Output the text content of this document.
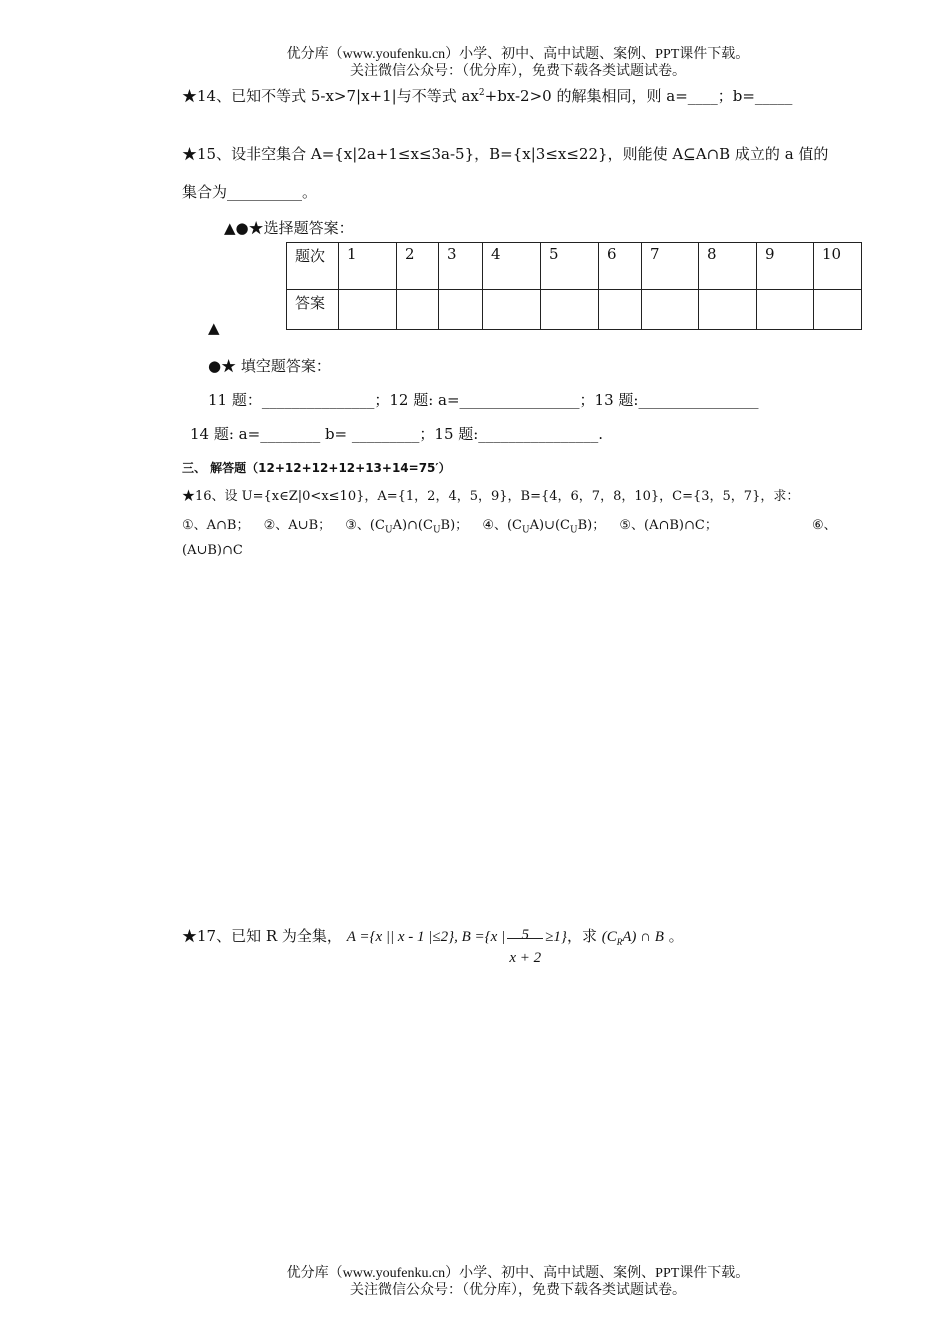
优分库（www.youfenku.cn）小学、初中、高中试题、案例、PPT课件下载。
关注微信公众号：（优分库），免费下载各类试题试卷。
★14、已知不等式 5-x>7|x+1|与不等式 $ax^2+bx-2>0$ 的解集相同，则 a=____；b=_____
★15、设非空集合 A={x|2a+1≤x≤3a-5}，B={x|3≤x≤22}，则能使 A⊆A∩B 成立的 a 值的
集合为__________。
▲●★选择题答案：
▲
题次	1	2	3	4	5	6	7	8	9	10
答案										
●★ 填空题答案：
11 题：_______________；12 题: a=________________；13 题:________________
14 题: a=________ b= _________；15 题:________________.
三、 解答题（12+12+12+12+13+14=75′）
★16、设 U={x∈Z|0<x≤10}，A={1，2，4，5，9}，B={4，6，7，8，10}，C={3，5，7}，求：
①、A∩B； ②、A∪B； ③、$(C_UA)\cap(C_UB)$； ④、$(C_UA)\cup(C_UB)$； ⑤、(A∩B)∩C；	⑥、
(A∪B)∩C
★17、已知 R 为全集， A ={x || x - 1 |≤2}, B ={x |	5
x + 2
≥1}，求 $(C_RA)$ ∩ B 。
优分库（www.youfenku.cn）小学、初中、高中试题、案例、PPT课件下载。
关注微信公众号：（优分库），免费下载各类试题试卷。
